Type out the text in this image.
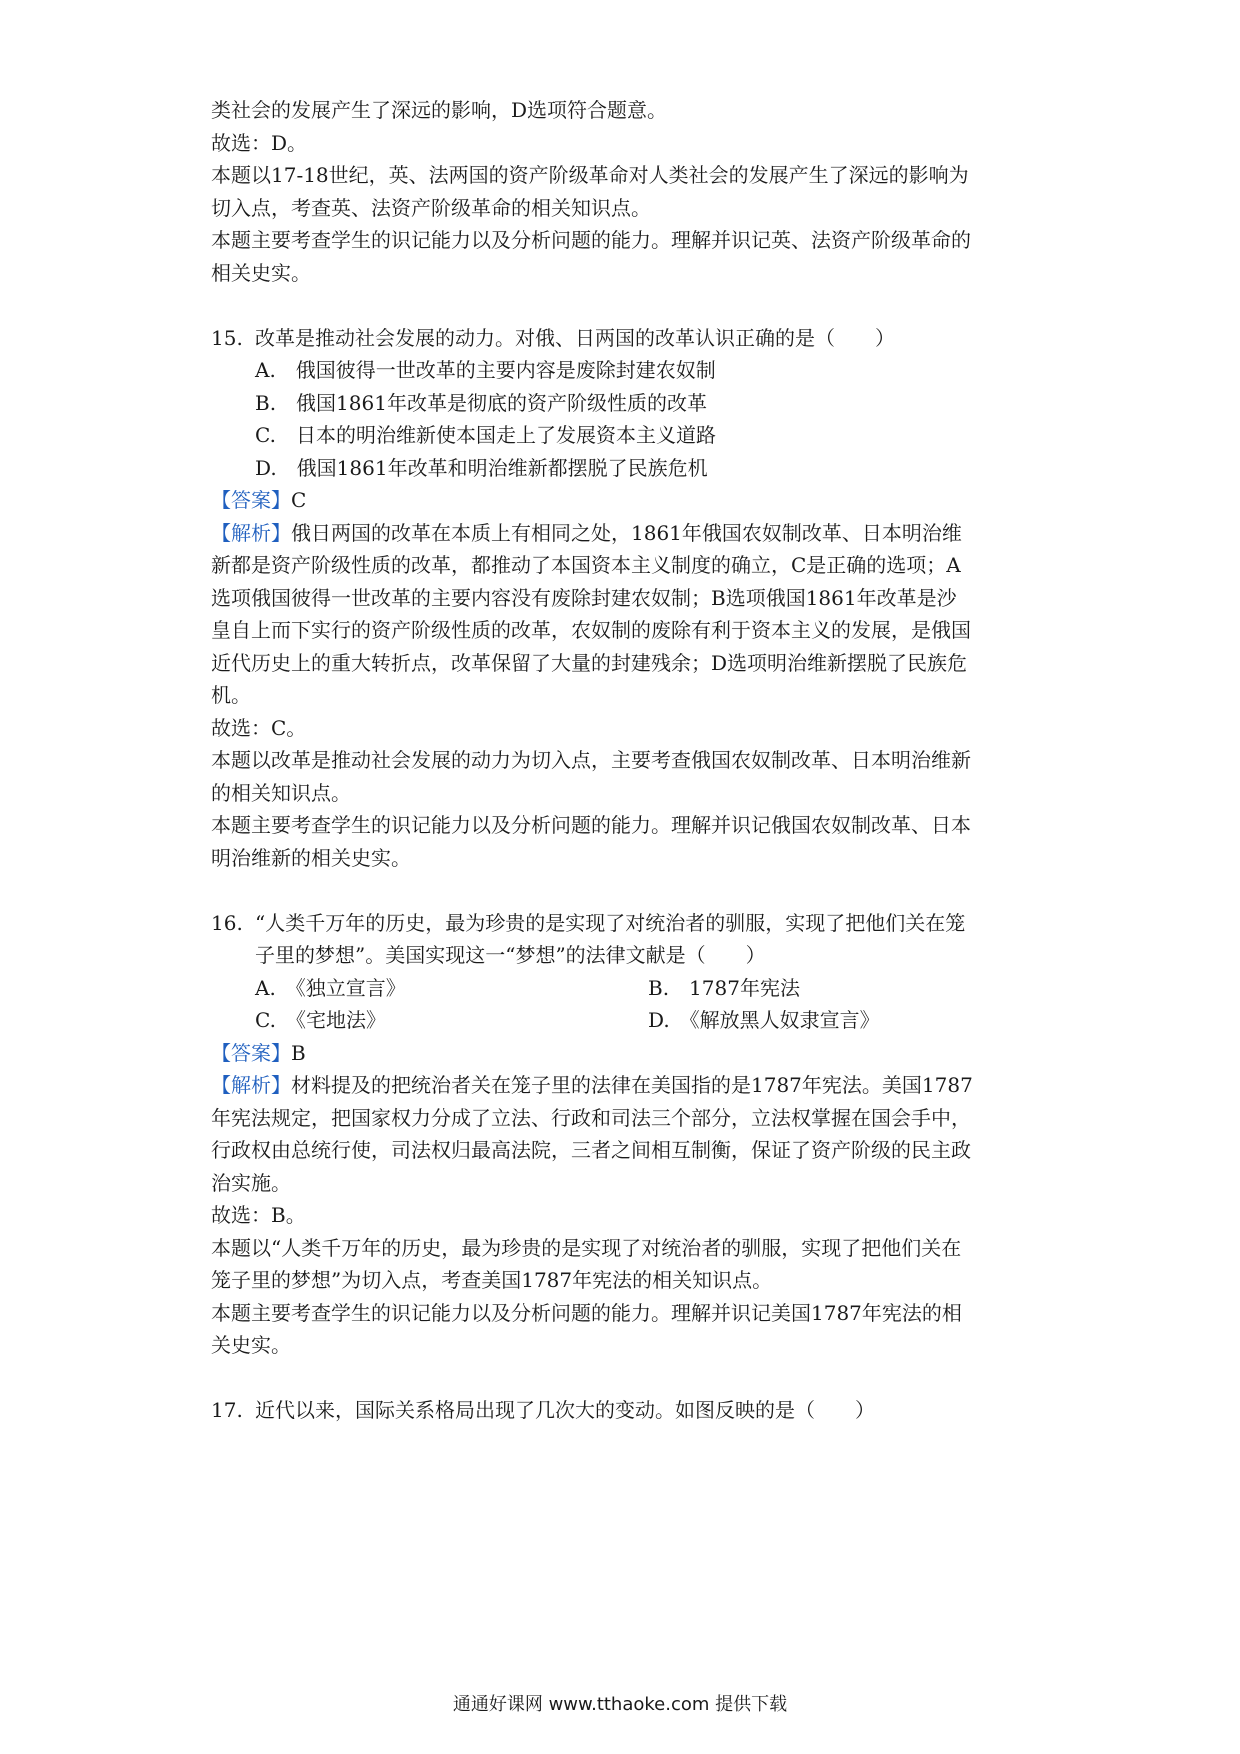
类社会的发展产生了深远的影响，D选项符合题意。
故选：D。
本题以17-18世纪，英、法两国的资产阶级革命对人类社会的发展产生了深远的影响为
切入点，考查英、法资产阶级革命的相关知识点。
本题主要考查学生的识记能力以及分析问题的能力。理解并识记英、法资产阶级革命的
相关史实。
15. 改革是推动社会发展的动力。对俄、日两国的改革认识正确的是（　　）
A.　俄国彼得一世改革的主要内容是废除封建农奴制
B.　俄国1861年改革是彻底的资产阶级性质的改革
C.　日本的明治维新使本国走上了发展资本主义道路
D.　俄国1861年改革和明治维新都摆脱了民族危机
【答案】C
【解析】俄日两国的改革在本质上有相同之处，1861年俄国农奴制改革、日本明治维
新都是资产阶级性质的改革，都推动了本国资本主义制度的确立，C是正确的选项；A
选项俄国彼得一世改革的主要内容没有废除封建农奴制；B选项俄国1861年改革是沙
皇自上而下实行的资产阶级性质的改革，农奴制的废除有利于资本主义的发展，是俄国
近代历史上的重大转折点，改革保留了大量的封建残余；D选项明治维新摆脱了民族危
机。
故选：C。
本题以改革是推动社会发展的动力为切入点，主要考查俄国农奴制改革、日本明治维新
的相关知识点。
本题主要考查学生的识记能力以及分析问题的能力。理解并识记俄国农奴制改革、日本
明治维新的相关史实。
16. “人类千万年的历史，最为珍贵的是实现了对统治者的驯服，实现了把他们关在笼
子里的梦想”。美国实现这一“梦想”的法律文献是（　　）
A.　《独立宣言》	B.　1787年宪法
C.　《宅地法》	D.　《解放黑人奴隶宣言》
【答案】B
【解析】材料提及的把统治者关在笼子里的法律在美国指的是1787年宪法。美国1787
年宪法规定，把国家权力分成了立法、行政和司法三个部分，立法权掌握在国会手中，
行政权由总统行使，司法权归最高法院，三者之间相互制衡，保证了资产阶级的民主政
治实施。
故选：B。
本题以“人类千万年的历史，最为珍贵的是实现了对统治者的驯服，实现了把他们关在
笼子里的梦想”为切入点，考查美国1787年宪法的相关知识点。
本题主要考查学生的识记能力以及分析问题的能力。理解并识记美国1787年宪法的相
关史实。
17. 近代以来，国际关系格局出现了几次大的变动。如图反映的是（　　）
通通好课网 www.tthaoke.com 提供下载
